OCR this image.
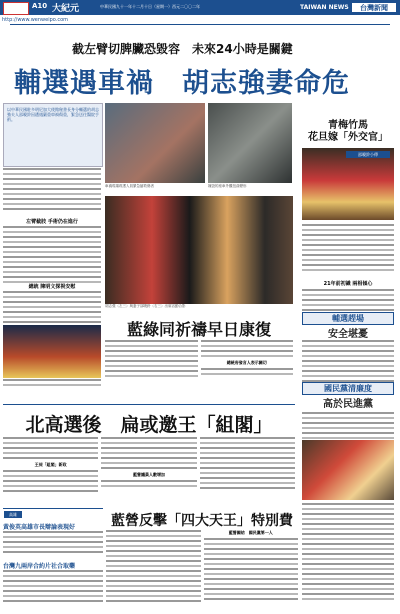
A10 大紀元	中華民國九十一年十二月十日（星期一）西元二〇〇二年	TAIWAN NEWS	台灣新聞
http://www.wenweipo.com
截左臂切脾臟恐毀容　未來24小時是關鍵
輔選遇車禍　胡志強妻命危
以中華民國駐多明尼加大使館秘書長身分輔選的胡志強夫人邵曉鈴因遭遇嚴重車禍傷重，緊急送往醫院手術。
車禍現場救護人員緊急搶救傷者	撞毀的座車外觀扭曲變形
左臂截肢 手術仍在進行
總統 陳明文探視安慰
胡志強（左三）與妻子邵曉鈴（右三）出席活動合影
藍綠同祈禱早日康復
總統府發言人表示關切
青梅竹馬
花旦嫁「外交官」
邵曉鈴小傳
21年前初識 兩相傾心
輔選趕場
安全堪憂
國民黨清廉度
高於民進黨
北高選後　扁或邀王「組閣」
王昶「組閣」新政
藍營議員人數增加
高雄
黃俊英高雄市長辯論表現好
台灣九兩岸合約片社合取藥
藍營反擊「四大天王」特別費
藍營團結　國民黨第一人
